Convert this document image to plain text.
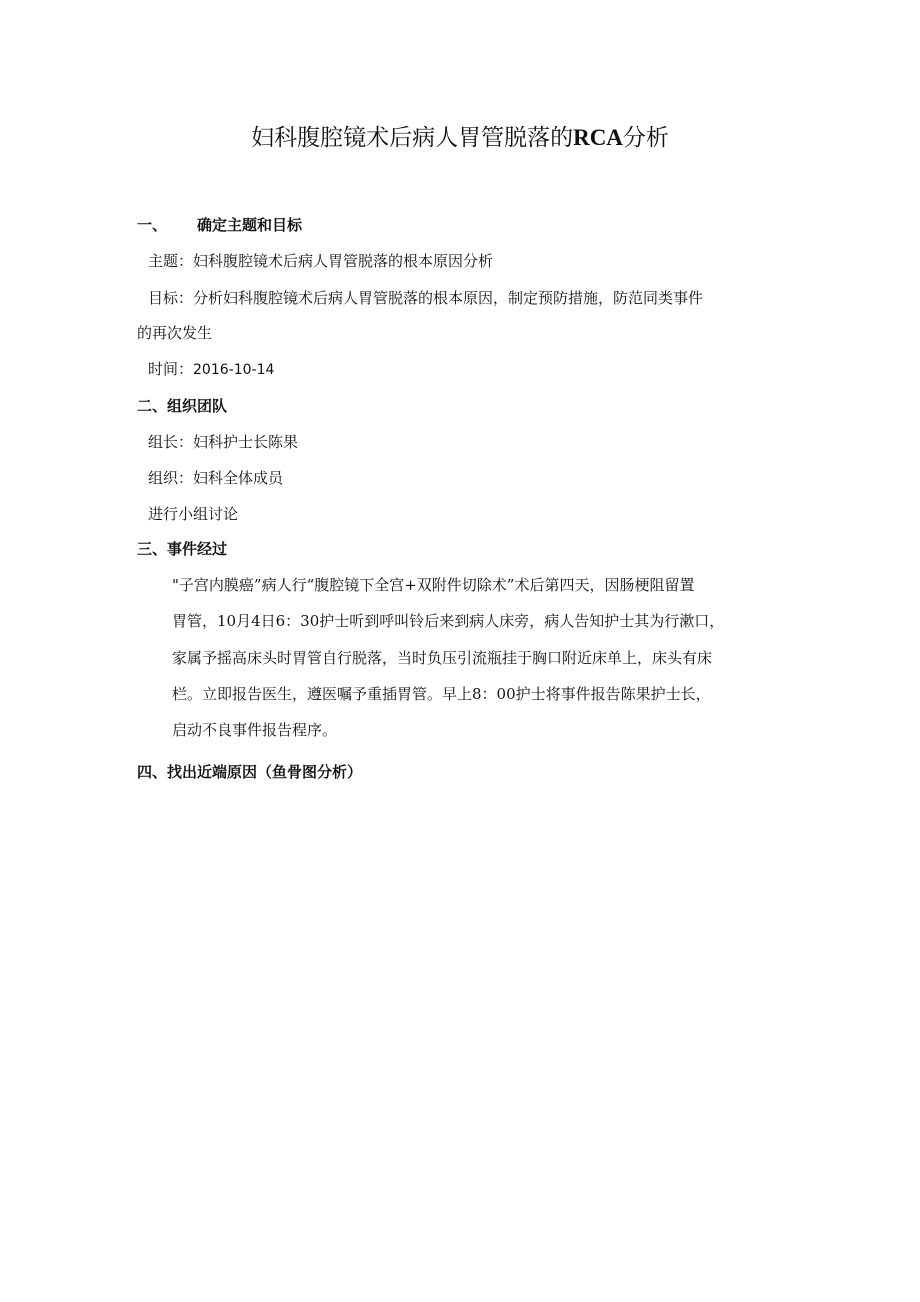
妇科腹腔镜术后病人胃管脱落的RCA分析
一、 确定主题和目标
主题：妇科腹腔镜术后病人胃管脱落的根本原因分析
目标：分析妇科腹腔镜术后病人胃管脱落的根本原因，制定预防措施，防范同类事件
的再次发生
时间：2016-10-14
二、组织团队
组长：妇科护士长陈果
组织：妇科全体成员
进行小组讨论
三、事件经过
"子宫内膜癌”病人行“腹腔镜下全宫+双附件切除术”术后第四天，因肠梗阻留置
胃管，10月4日6：30护士听到呼叫铃后来到病人床旁，病人告知护士其为行漱口，
家属予摇高床头时胃管自行脱落，当时负压引流瓶挂于胸口附近床单上，床头有床
栏。立即报告医生，遵医嘱予重插胃管。早上8：00护士将事件报告陈果护士长，
启动不良事件报告程序。
四、找出近端原因（鱼骨图分析）
